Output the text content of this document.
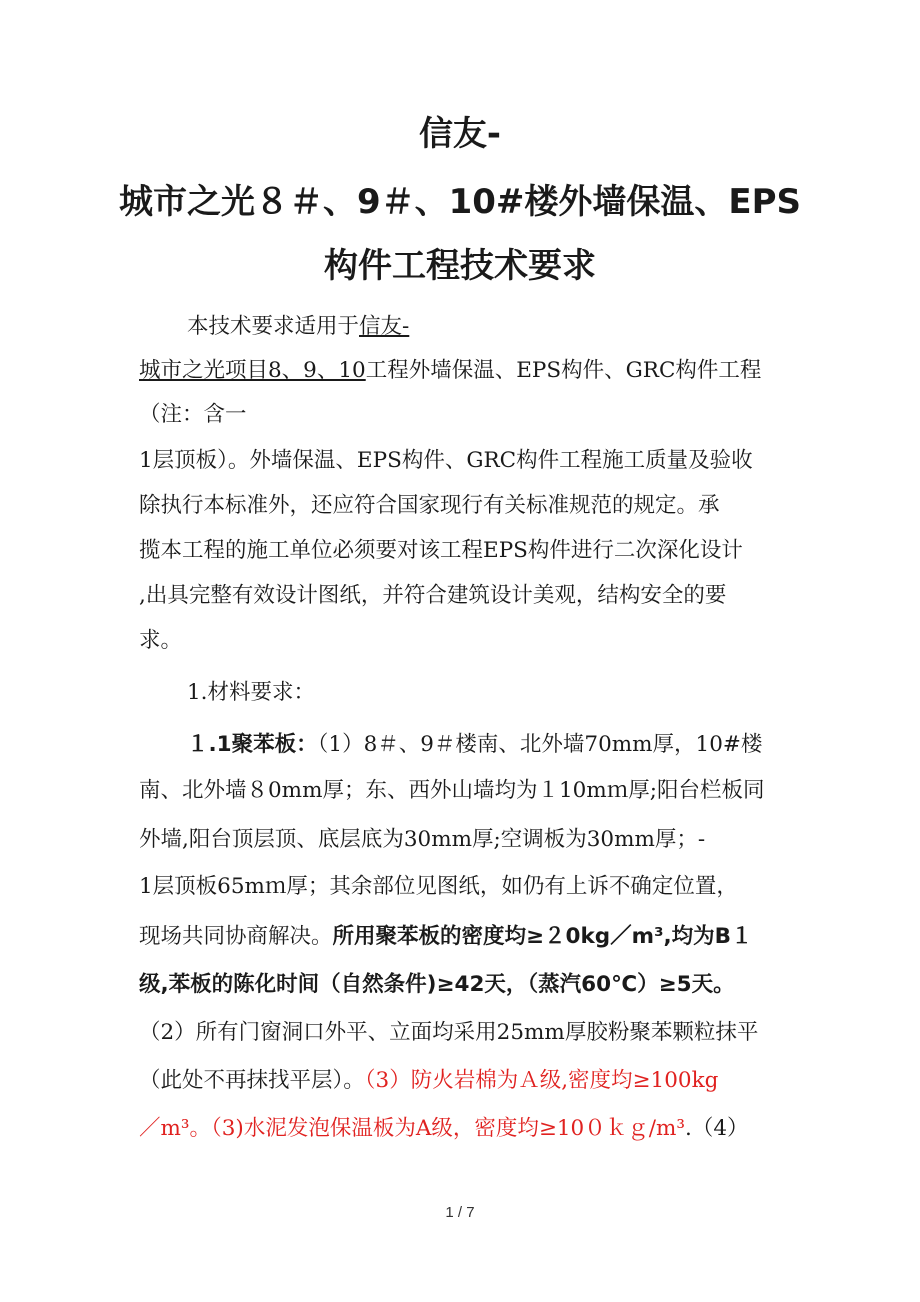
信友-
城市之光８＃、9＃、10#楼外墙保温、EPS
构件工程技术要求
本技术要求适用于信友-
城市之光项目8、9、10工程外墙保温、EPS构件、GRC构件工程
（注：含一
1层顶板）。外墙保温、EPS构件、GRC构件工程施工质量及验收
除执行本标准外，还应符合国家现行有关标准规范的规定。承
揽本工程的施工单位必须要对该工程EPS构件进行二次深化设计
,出具完整有效设计图纸，并符合建筑设计美观，结构安全的要
求。
1.材料要求：
１.1聚苯板：（1）8＃、9＃楼南、北外墙70mm厚，10#楼
南、北外墙８0mm厚；东、西外山墙均为１10mｍ厚;阳台栏板同
外墙,阳台顶层顶、底层底为30mm厚;空调板为30mm厚；-
1层顶板65mｍ厚；其余部位见图纸，如仍有上诉不确定位置，
现场共同协商解决。所用聚苯板的密度均≥２0kg／m³,均为B１
级,苯板的陈化时间（自然条件)≥42天，（蒸汽60℃）≥5天。
（2）所有门窗洞口外平、立面均采用25mm厚胶粉聚苯颗粒抹平
（此处不再抹找平层）。（3）防火岩棉为Ａ级,密度均≥100kg
／m³。（3)水泥发泡保温板为A级，密度均≥10０ｋｇ/m³.（4）
1 / 7
